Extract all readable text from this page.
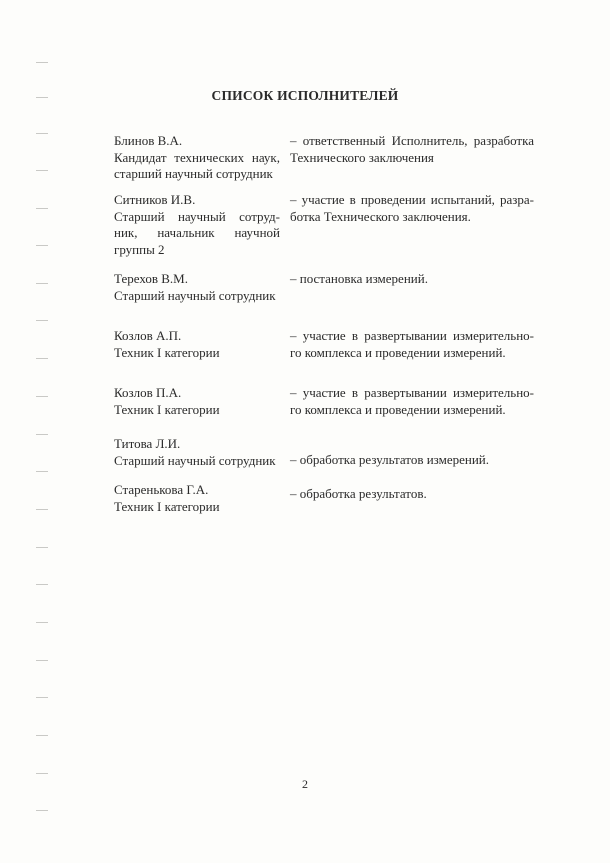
СПИСОК ИСПОЛНИТЕЛЕЙ
Блинов В.А.
Кандидат технических наук,
старший научный сотрудник
– ответственный Исполнитель, разработка
Технического заключения
Ситников И.В.
Старший научный сотруд-
ник, начальник научной
группы 2
– участие в проведении испытаний, разра-
ботка Технического заключения.
Терехов В.М.
Старший научный сотрудник
– постановка измерений.
Козлов А.П.
Техник I категории
– участие в развертывании измерительно-
го комплекса и проведении измерений.
Козлов П.А.
Техник I категории
– участие в развертывании измерительно-
го комплекса и проведении измерений.
Титова Л.И.
Старший научный сотрудник	– обработка результатов измерений.
Старенькова Г.А.
Техник I категории
– обработка результатов.
2
